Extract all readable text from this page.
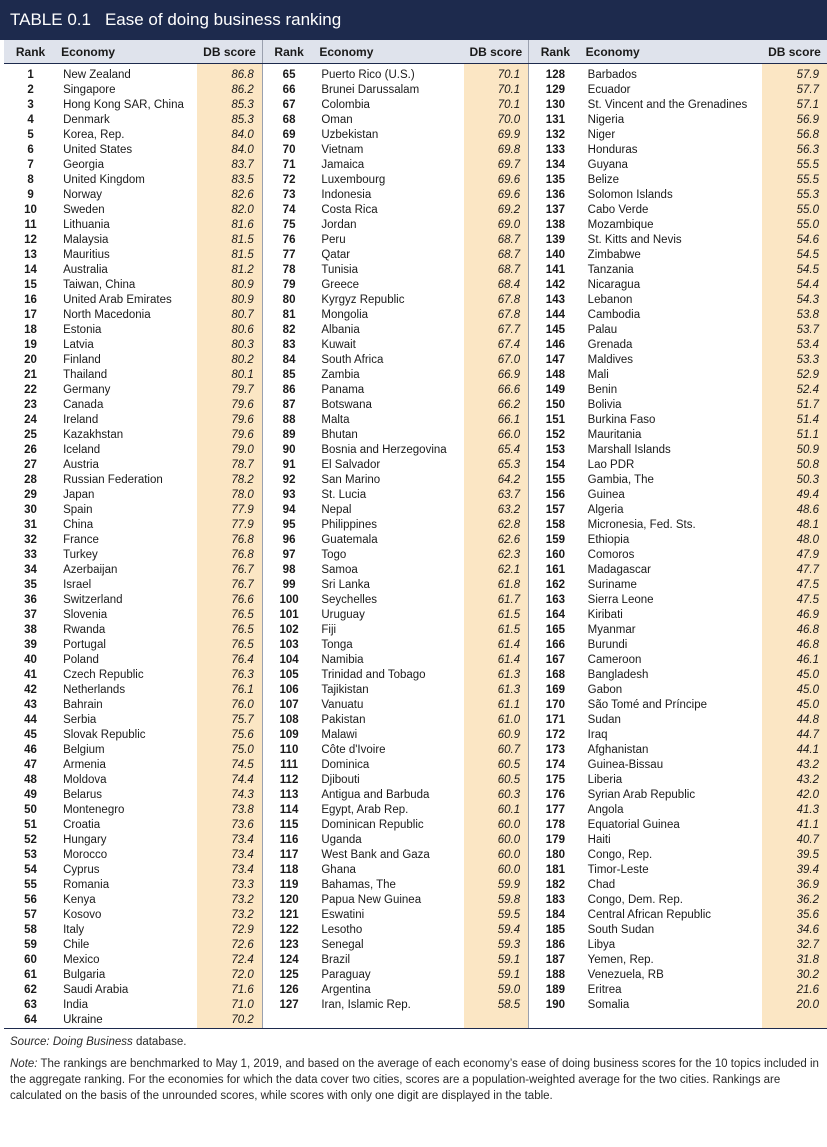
TABLE 0.1 Ease of doing business ranking
Rank	Economy	DB score	Rank	Economy	DB score	Rank	Economy	DB score
1	New Zealand	86.8	65	Puerto Rico (U.S.)	70.1	128	Barbados	57.9
2	Singapore	86.2	66	Brunei Darussalam	70.1	129	Ecuador	57.7
3	Hong Kong SAR, China	85.3	67	Colombia	70.1	130	St. Vincent and the Grenadines	57.1
4	Denmark	85.3	68	Oman	70.0	131	Nigeria	56.9
5	Korea, Rep.	84.0	69	Uzbekistan	69.9	132	Niger	56.8
6	United States	84.0	70	Vietnam	69.8	133	Honduras	56.3
7	Georgia	83.7	71	Jamaica	69.7	134	Guyana	55.5
8	United Kingdom	83.5	72	Luxembourg	69.6	135	Belize	55.5
9	Norway	82.6	73	Indonesia	69.6	136	Solomon Islands	55.3
10	Sweden	82.0	74	Costa Rica	69.2	137	Cabo Verde	55.0
11	Lithuania	81.6	75	Jordan	69.0	138	Mozambique	55.0
12	Malaysia	81.5	76	Peru	68.7	139	St. Kitts and Nevis	54.6
13	Mauritius	81.5	77	Qatar	68.7	140	Zimbabwe	54.5
14	Australia	81.2	78	Tunisia	68.7	141	Tanzania	54.5
15	Taiwan, China	80.9	79	Greece	68.4	142	Nicaragua	54.4
16	United Arab Emirates	80.9	80	Kyrgyz Republic	67.8	143	Lebanon	54.3
17	North Macedonia	80.7	81	Mongolia	67.8	144	Cambodia	53.8
18	Estonia	80.6	82	Albania	67.7	145	Palau	53.7
19	Latvia	80.3	83	Kuwait	67.4	146	Grenada	53.4
20	Finland	80.2	84	South Africa	67.0	147	Maldives	53.3
21	Thailand	80.1	85	Zambia	66.9	148	Mali	52.9
22	Germany	79.7	86	Panama	66.6	149	Benin	52.4
23	Canada	79.6	87	Botswana	66.2	150	Bolivia	51.7
24	Ireland	79.6	88	Malta	66.1	151	Burkina Faso	51.4
25	Kazakhstan	79.6	89	Bhutan	66.0	152	Mauritania	51.1
26	Iceland	79.0	90	Bosnia and Herzegovina	65.4	153	Marshall Islands	50.9
27	Austria	78.7	91	El Salvador	65.3	154	Lao PDR	50.8
28	Russian Federation	78.2	92	San Marino	64.2	155	Gambia, The	50.3
29	Japan	78.0	93	St. Lucia	63.7	156	Guinea	49.4
30	Spain	77.9	94	Nepal	63.2	157	Algeria	48.6
31	China	77.9	95	Philippines	62.8	158	Micronesia, Fed. Sts.	48.1
32	France	76.8	96	Guatemala	62.6	159	Ethiopia	48.0
33	Turkey	76.8	97	Togo	62.3	160	Comoros	47.9
34	Azerbaijan	76.7	98	Samoa	62.1	161	Madagascar	47.7
35	Israel	76.7	99	Sri Lanka	61.8	162	Suriname	47.5
36	Switzerland	76.6	100	Seychelles	61.7	163	Sierra Leone	47.5
37	Slovenia	76.5	101	Uruguay	61.5	164	Kiribati	46.9
38	Rwanda	76.5	102	Fiji	61.5	165	Myanmar	46.8
39	Portugal	76.5	103	Tonga	61.4	166	Burundi	46.8
40	Poland	76.4	104	Namibia	61.4	167	Cameroon	46.1
41	Czech Republic	76.3	105	Trinidad and Tobago	61.3	168	Bangladesh	45.0
42	Netherlands	76.1	106	Tajikistan	61.3	169	Gabon	45.0
43	Bahrain	76.0	107	Vanuatu	61.1	170	São Tomé and Príncipe	45.0
44	Serbia	75.7	108	Pakistan	61.0	171	Sudan	44.8
45	Slovak Republic	75.6	109	Malawi	60.9	172	Iraq	44.7
46	Belgium	75.0	110	Côte d'Ivoire	60.7	173	Afghanistan	44.1
47	Armenia	74.5	111	Dominica	60.5	174	Guinea-Bissau	43.2
48	Moldova	74.4	112	Djibouti	60.5	175	Liberia	43.2
49	Belarus	74.3	113	Antigua and Barbuda	60.3	176	Syrian Arab Republic	42.0
50	Montenegro	73.8	114	Egypt, Arab Rep.	60.1	177	Angola	41.3
51	Croatia	73.6	115	Dominican Republic	60.0	178	Equatorial Guinea	41.1
52	Hungary	73.4	116	Uganda	60.0	179	Haiti	40.7
53	Morocco	73.4	117	West Bank and Gaza	60.0	180	Congo, Rep.	39.5
54	Cyprus	73.4	118	Ghana	60.0	181	Timor-Leste	39.4
55	Romania	73.3	119	Bahamas, The	59.9	182	Chad	36.9
56	Kenya	73.2	120	Papua New Guinea	59.8	183	Congo, Dem. Rep.	36.2
57	Kosovo	73.2	121	Eswatini	59.5	184	Central African Republic	35.6
58	Italy	72.9	122	Lesotho	59.4	185	South Sudan	34.6
59	Chile	72.6	123	Senegal	59.3	186	Libya	32.7
60	Mexico	72.4	124	Brazil	59.1	187	Yemen, Rep.	31.8
61	Bulgaria	72.0	125	Paraguay	59.1	188	Venezuela, RB	30.2
62	Saudi Arabia	71.6	126	Argentina	59.0	189	Eritrea	21.6
63	India	71.0	127	Iran, Islamic Rep.	58.5	190	Somalia	20.0
64	Ukraine	70.2						

Source: Doing Business database.

Note: The rankings are benchmarked to May 1, 2019, and based on the average of each economy’s ease of doing business scores for the 10 topics included in the aggregate ranking. For the economies for which the data cover two cities, scores are a population-weighted average for the two cities. Rankings are calculated on the basis of the unrounded scores, while scores with only one digit are displayed in the table.
